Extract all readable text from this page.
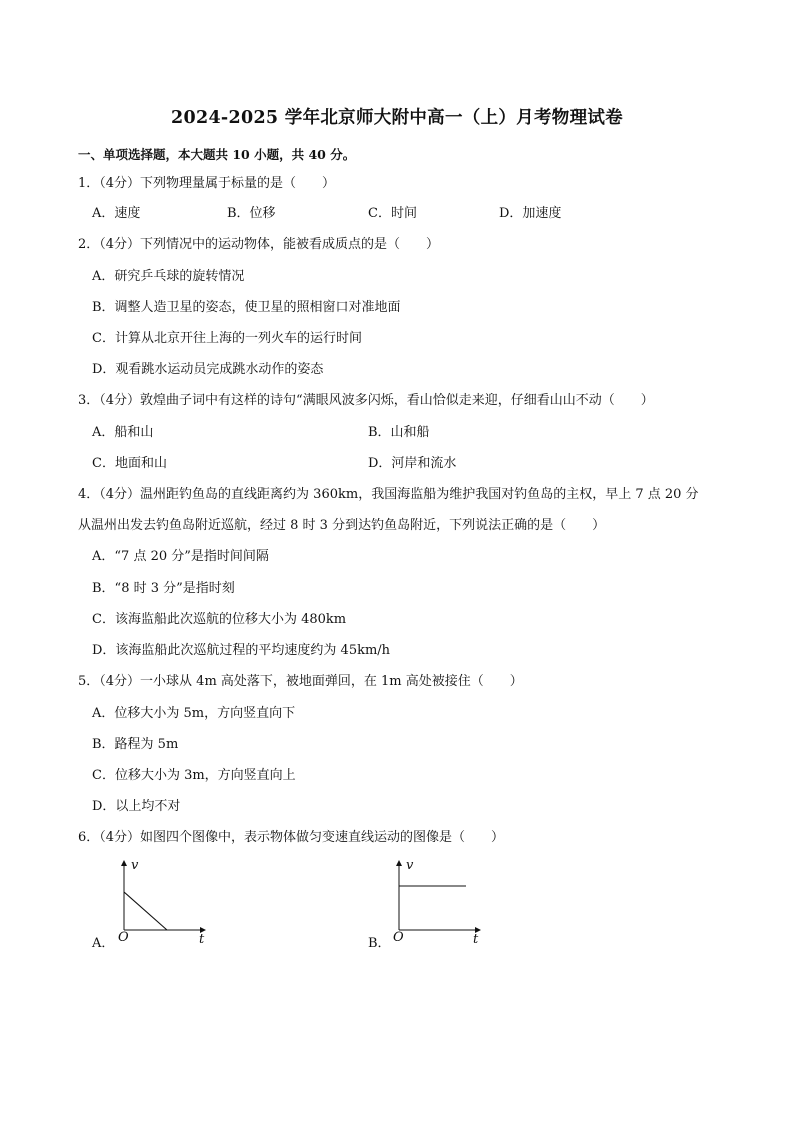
2024-2025 学年北京师大附中高一（上）月考物理试卷
一、单项选择题，本大题共 10 小题，共 40 分。
1．（4分）下列物理量属于标量的是（　　）
A．速度	B．位移	C．时间	D．加速度
2．（4分）下列情况中的运动物体，能被看成质点的是（　　）
A．研究乒乓球的旋转情况
B．调整人造卫星的姿态，使卫星的照相窗口对准地面
C．计算从北京开往上海的一列火车的运行时间
D．观看跳水运动员完成跳水动作的姿态
3．（4分）敦煌曲子词中有这样的诗句“满眼风波多闪烁，看山恰似走来迎，仔细看山山不动（　　）
A．船和山	B．山和船
C．地面和山	D．河岸和流水
4．（4分）温州距钓鱼岛的直线距离约为 360km，我国海监船为维护我国对钓鱼岛的主权，早上 7 点 20 分
从温州出发去钓鱼岛附近巡航，经过 8 时 3 分到达钓鱼岛附近，下列说法正确的是（　　）
A．“7 点 20 分”是指时间间隔
B．“8 时 3 分”是指时刻
C．该海监船此次巡航的位移大小为 480km
D．该海监船此次巡航过程的平均速度约为 45km/h
5．（4分）一小球从 4m 高处落下，被地面弹回，在 1m 高处被接住（　　）
A．位移大小为 5m，方向竖直向下
B．路程为 5m
C．位移大小为 3m，方向竖直向上
D．以上均不对
6．（4分）如图四个图像中，表示物体做匀变速直线运动的图像是（　　）
A．
v
O	t	B．
v
O	t
